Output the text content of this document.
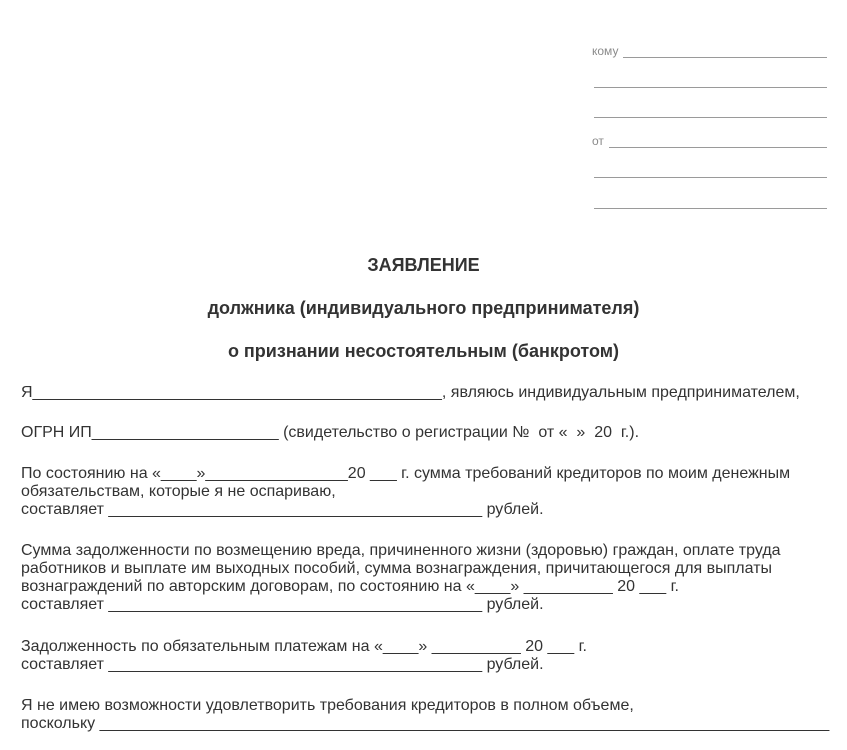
кому
от
ЗАЯВЛЕНИЕ
должника (индивидуального предпринимателя)
о признании несостоятельным (банкротом)
Я______________________________________________, являюсь индивидуальным предпринимателем,
ОГРН ИП_____________________ (свидетельство о регистрации №  от «  »  20  г.).
По состоянию на «____»________________20 ___ г. сумма требований кредиторов по моим денежным
обязательствам, которые я не оспариваю,
составляет __________________________________________ рублей.
Сумма задолженности по возмещению вреда, причиненного жизни (здоровью) граждан, оплате труда
работников и выплате им выходных пособий, сумма вознаграждения, причитающегося для выплаты
вознаграждений по авторским договорам, по состоянию на «____» __________ 20 ___ г.
составляет __________________________________________ рублей.
Задолженность по обязательным платежам на «____» __________ 20 ___ г.
составляет __________________________________________ рублей.
Я не имею возможности удовлетворить требования кредиторов в полном объеме,
поскольку __________________________________________________________________________________
